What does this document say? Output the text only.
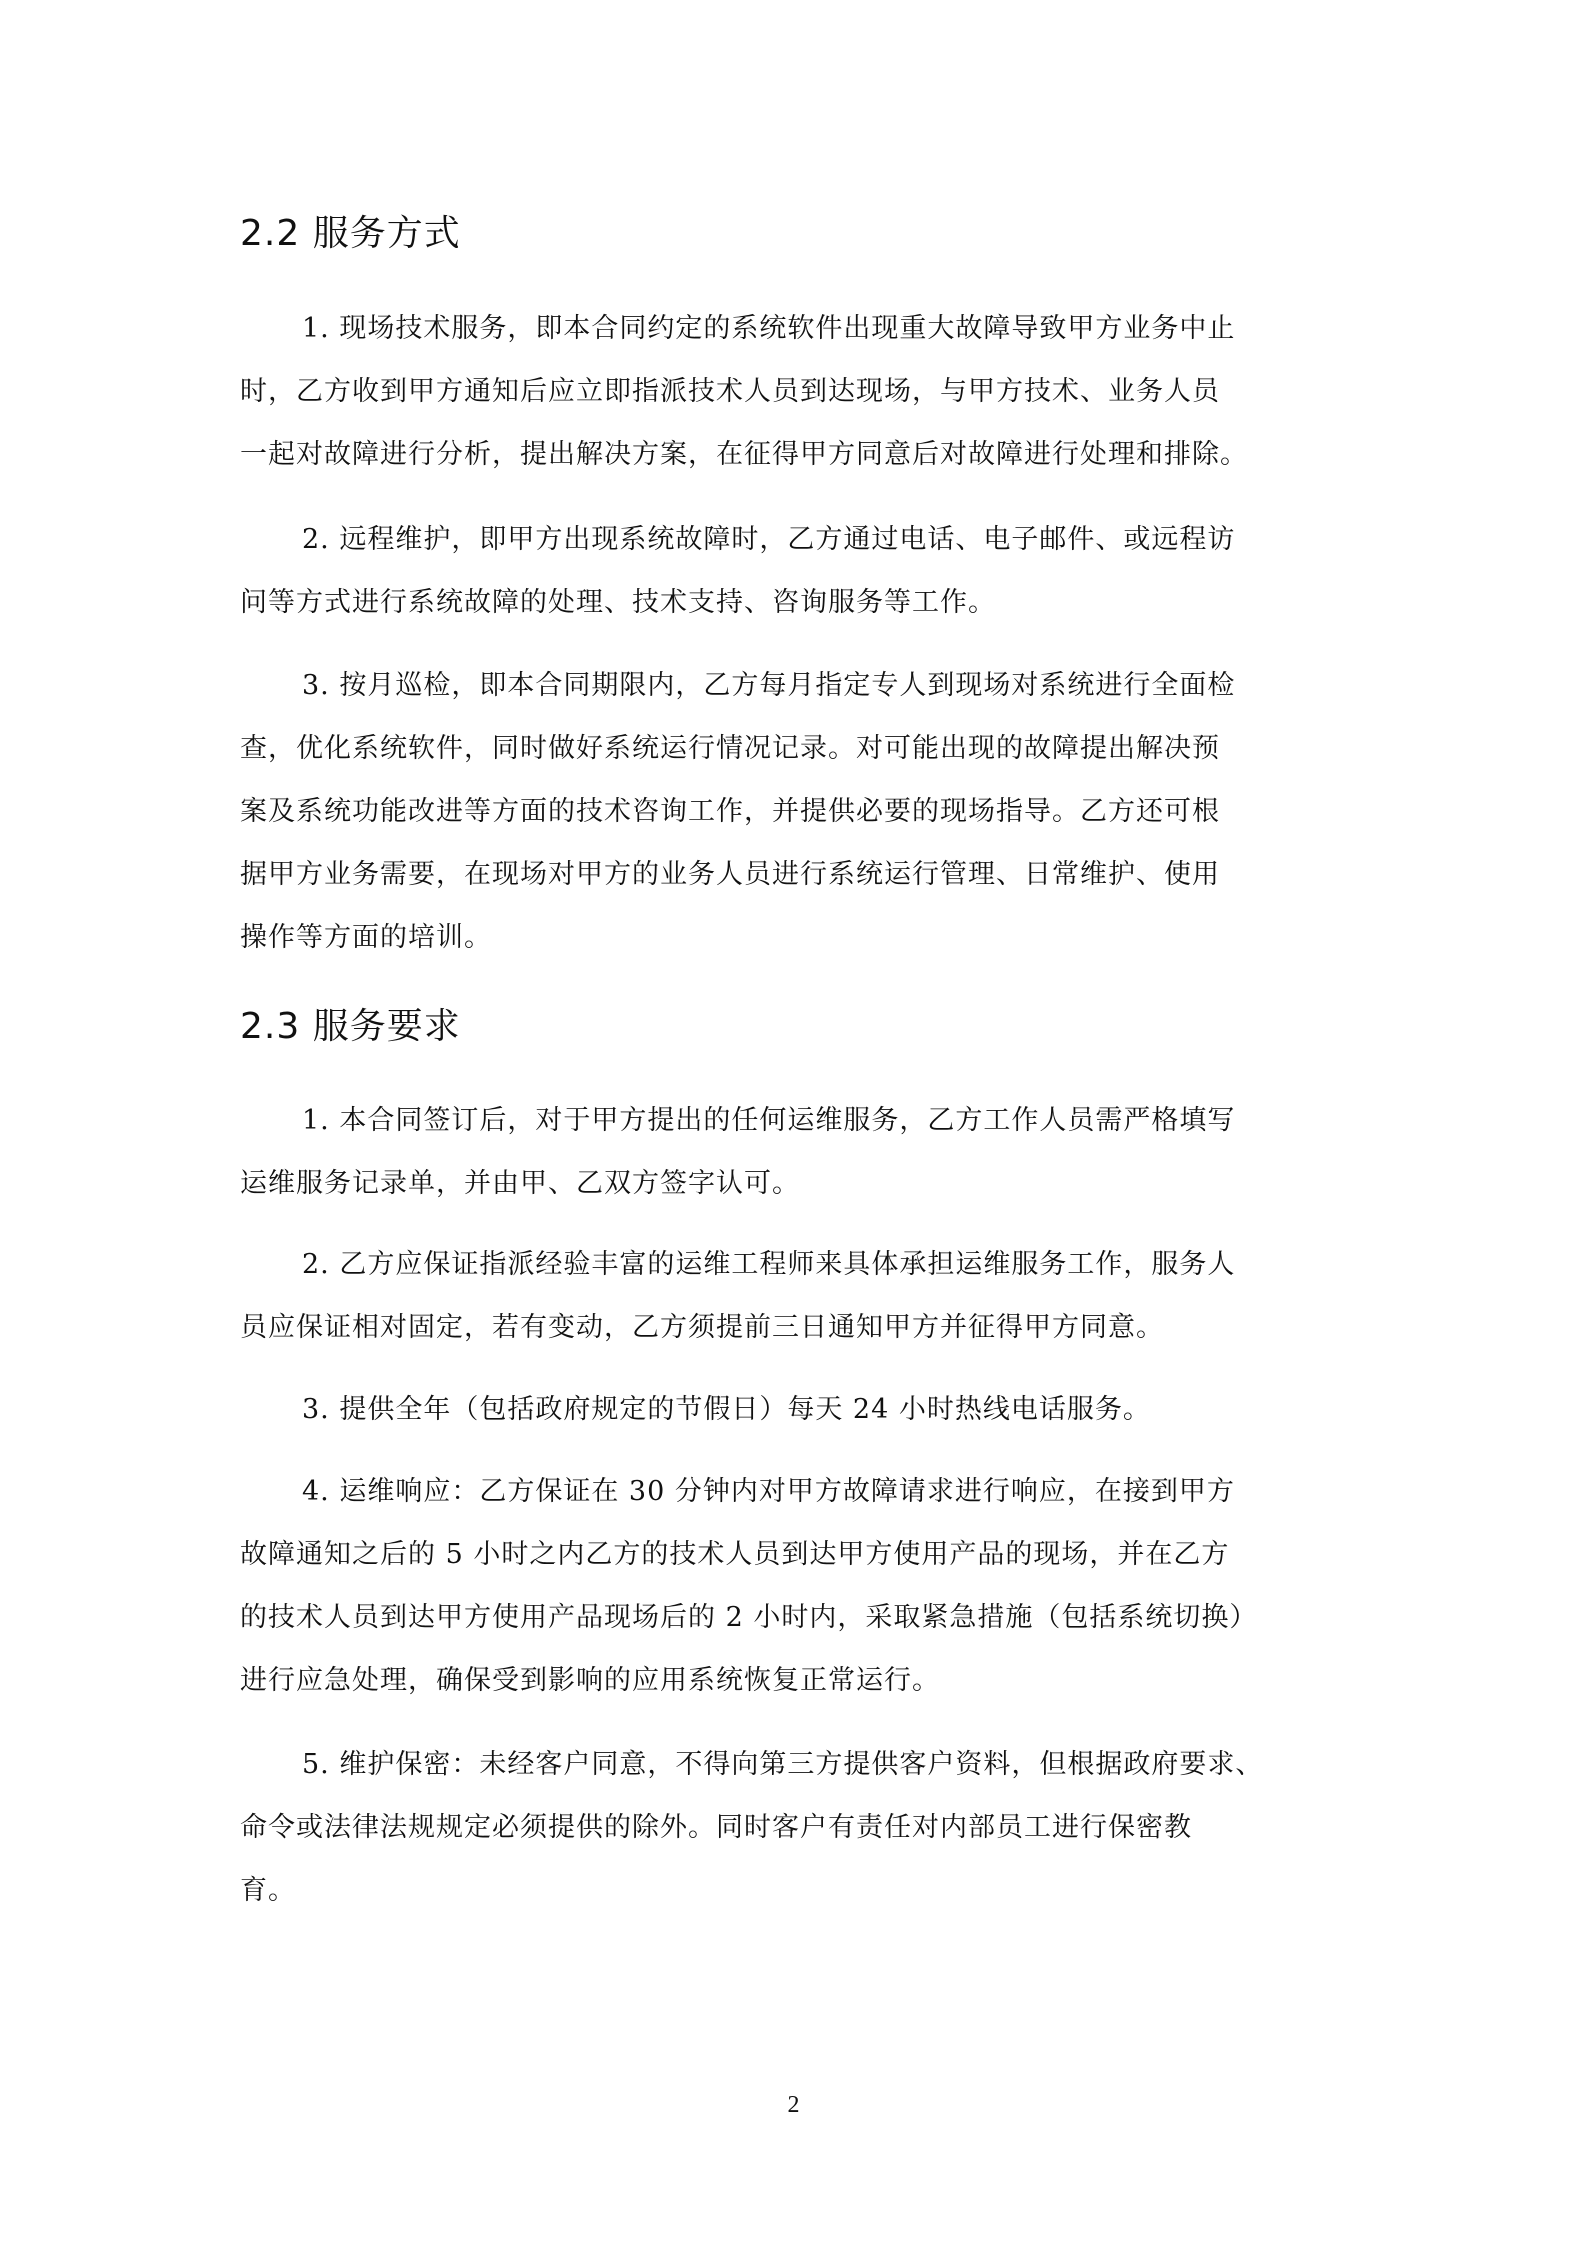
2.2 服务方式
1. 现场技术服务，即本合同约定的系统软件出现重大故障导致甲方业务中止
时，乙方收到甲方通知后应立即指派技术人员到达现场，与甲方技术、业务人员
一起对故障进行分析，提出解决方案，在征得甲方同意后对故障进行处理和排除。
2. 远程维护，即甲方出现系统故障时，乙方通过电话、电子邮件、或远程访
问等方式进行系统故障的处理、技术支持、咨询服务等工作。
3. 按月巡检，即本合同期限内，乙方每月指定专人到现场对系统进行全面检
查，优化系统软件，同时做好系统运行情况记录。对可能出现的故障提出解决预
案及系统功能改进等方面的技术咨询工作，并提供必要的现场指导。乙方还可根
据甲方业务需要，在现场对甲方的业务人员进行系统运行管理、日常维护、使用
操作等方面的培训。
2.3 服务要求
1. 本合同签订后，对于甲方提出的任何运维服务，乙方工作人员需严格填写
运维服务记录单，并由甲、乙双方签字认可。
2. 乙方应保证指派经验丰富的运维工程师来具体承担运维服务工作，服务人
员应保证相对固定，若有变动，乙方须提前三日通知甲方并征得甲方同意。
3. 提供全年（包括政府规定的节假日）每天 24 小时热线电话服务。
4. 运维响应：乙方保证在 30 分钟内对甲方故障请求进行响应，在接到甲方
故障通知之后的 5 小时之内乙方的技术人员到达甲方使用产品的现场，并在乙方
的技术人员到达甲方使用产品现场后的 2 小时内，采取紧急措施（包括系统切换）
进行应急处理，确保受到影响的应用系统恢复正常运行。
5. 维护保密：未经客户同意，不得向第三方提供客户资料，但根据政府要求、
命令或法律法规规定必须提供的除外。同时客户有责任对内部员工进行保密教
育。
2
